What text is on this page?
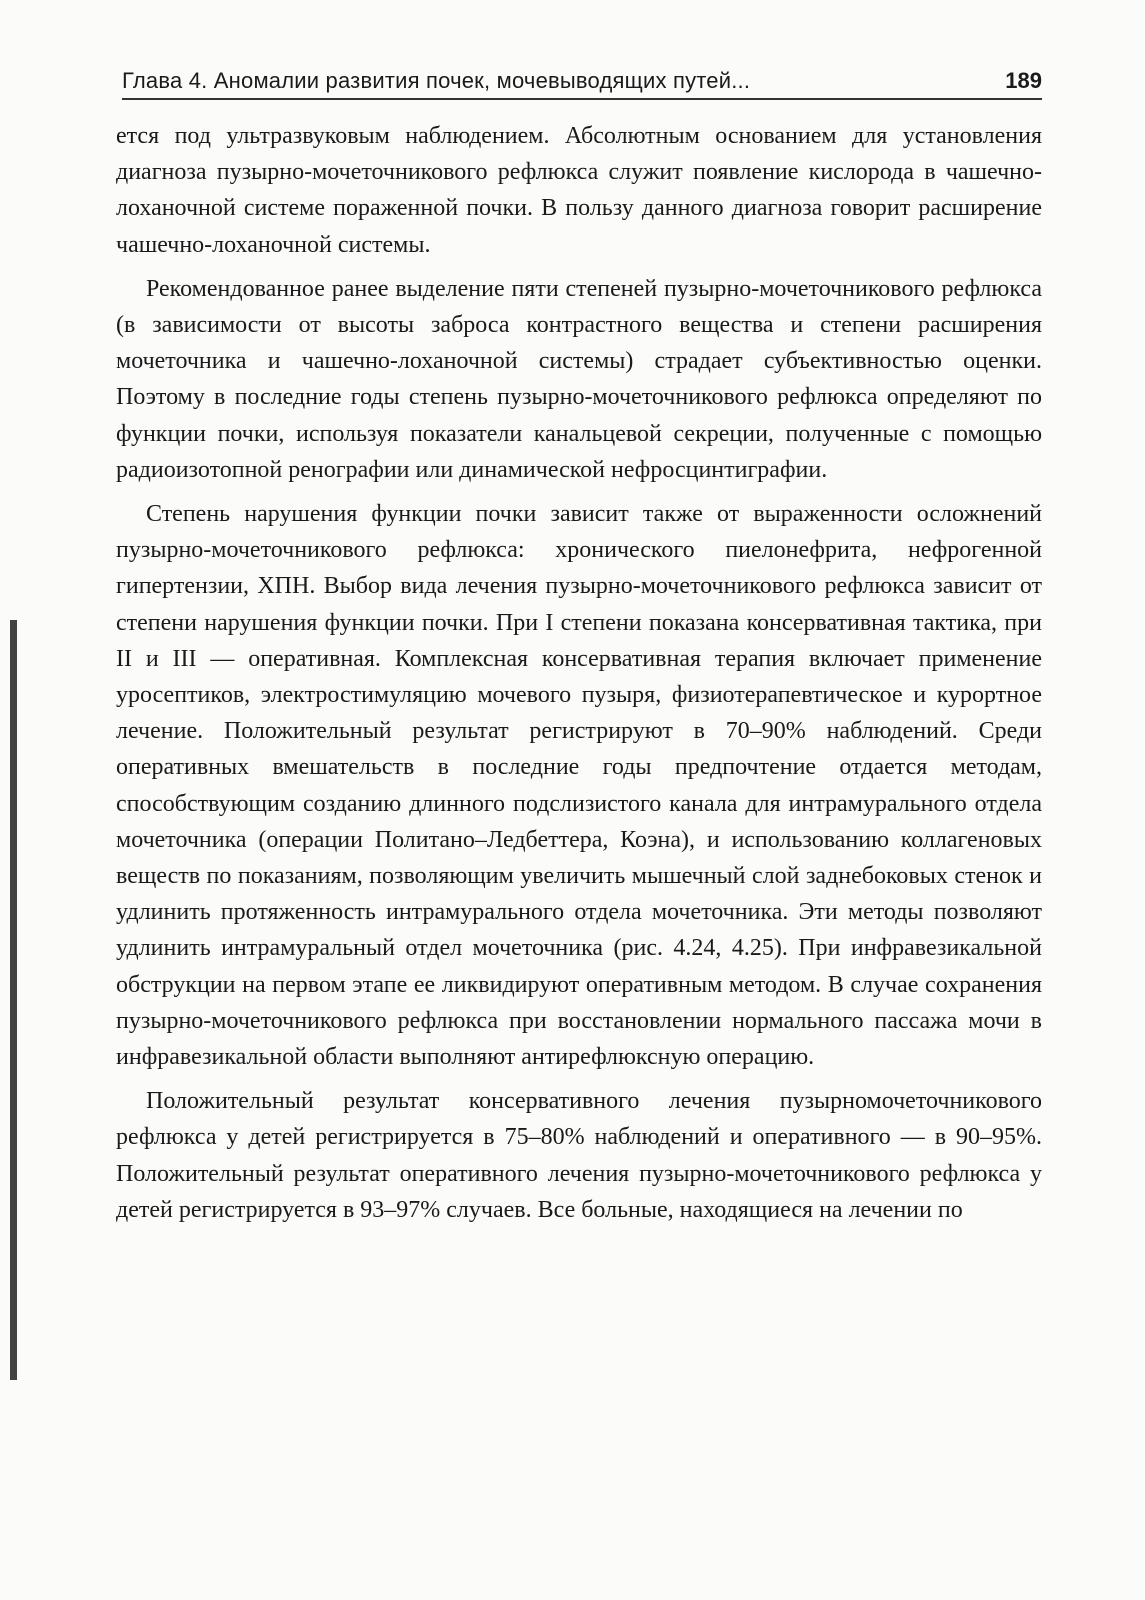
Глава 4. Аномалии развития почек, мочевыводящих путей...	189

ется под ультразвуковым наблюдением. Абсолютным основанием для установления диагноза пузырно-мочеточникового рефлюкса служит появление кислорода в чашечно-лоханочной системе пораженной почки. В пользу данного диагноза говорит расширение чашечно-лоханочной системы.

Рекомендованное ранее выделение пяти степеней пузырно-мочеточникового рефлюкса (в зависимости от высоты заброса контрастного вещества и степени расширения мочеточника и чашечно-лоханочной системы) страдает субъективностью оценки. Поэтому в последние годы степень пузырно-мочеточникового рефлюкса определяют по функции почки, используя показатели канальцевой секреции, полученные с помощью радиоизотопной ренографии или динамической нефросцинтиграфии.

Степень нарушения функции почки зависит также от выраженности осложнений пузырно-мочеточникового рефлюкса: хронического пиелонефрита, нефрогенной гипертензии, ХПН. Выбор вида лечения пузырно-мочеточникового рефлюкса зависит от степени нарушения функции почки. При I степени показана консервативная тактика, при II и III — оперативная. Комплексная консервативная терапия включает применение уросептиков, электростимуляцию мочевого пузыря, физиотерапевтическое и курортное лечение. Положительный результат регистрируют в 70–90% наблюдений. Среди оперативных вмешательств в последние годы предпочтение отдается методам, способствующим созданию длинного подслизистого канала для интрамурального отдела мочеточника (операции Политано–Ледбеттера, Коэна), и использованию коллагеновых веществ по показаниям, позволяющим увеличить мышечный слой заднебоковых стенок и удлинить протяженность интрамурального отдела мочеточника. Эти методы позволяют удлинить интрамуральный отдел мочеточника (рис. 4.24, 4.25). При инфравезикальной обструкции на первом этапе ее ликвидируют оперативным методом. В случае сохранения пузырно-мочеточникового рефлюкса при восстановлении нормального пассажа мочи в инфравезикальной области выполняют антирефлюксную операцию.

Положительный результат консервативного лечения пузырномочеточникового рефлюкса у детей регистрируется в 75–80% наблюдений и оперативного — в 90–95%. Положительный результат оперативного лечения пузырно-мочеточникового рефлюкса у детей регистрируется в 93–97% случаев. Все больные, находящиеся на лечении по
